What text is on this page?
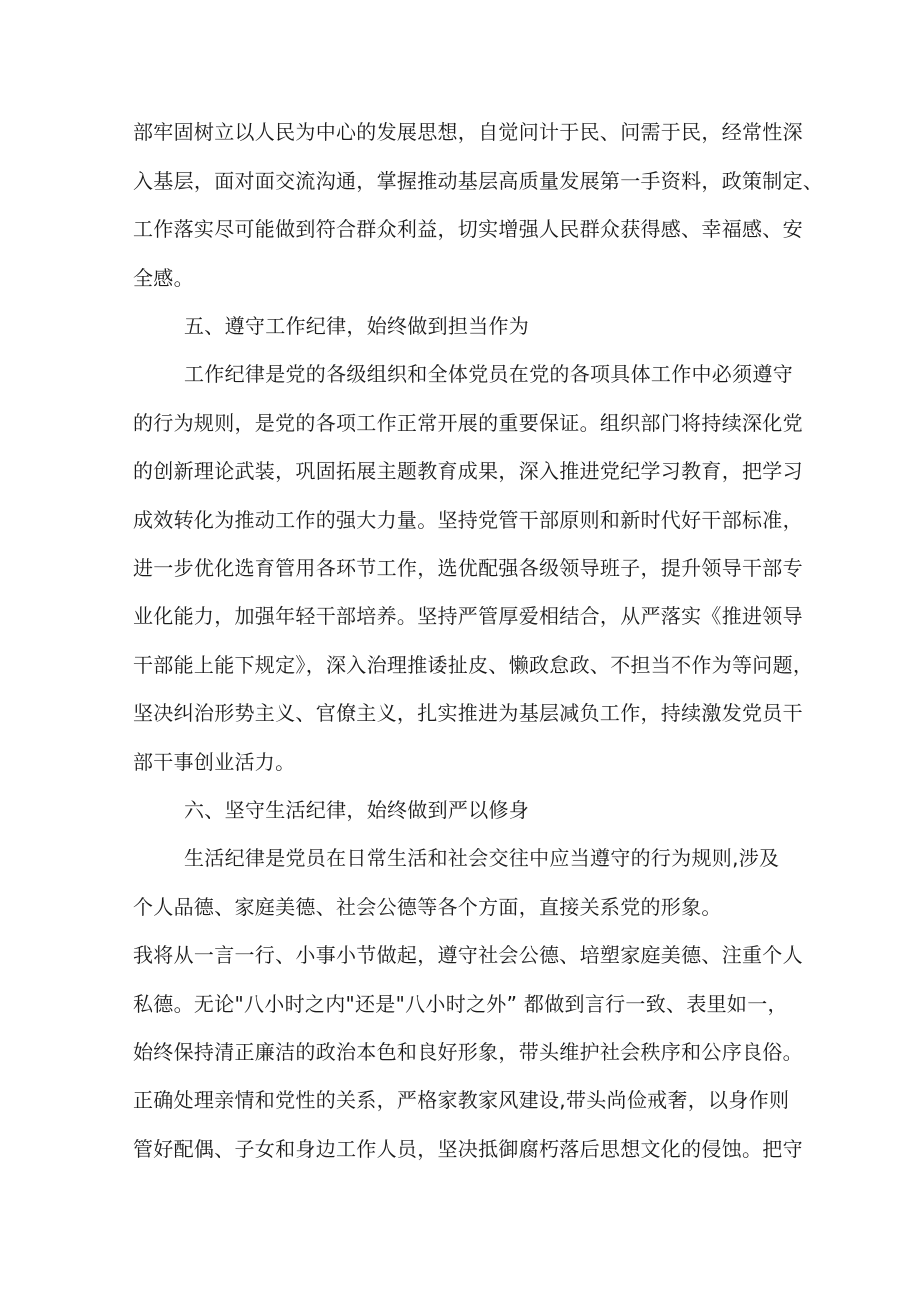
部牢固树立以人民为中心的发展思想，自觉问计于民、问需于民，经常性深
入基层，面对面交流沟通，掌握推动基层高质量发展第一手资料，政策制定、
工作落实尽可能做到符合群众利益，切实增强人民群众获得感、幸福感、安
全感。
五、遵守工作纪律，始终做到担当作为
工作纪律是党的各级组织和全体党员在党的各项具体工作中必须遵守
的行为规则，是党的各项工作正常开展的重要保证。组织部门将持续深化党
的创新理论武装，巩固拓展主题教育成果，深入推进党纪学习教育，把学习
成效转化为推动工作的强大力量。坚持党管干部原则和新时代好干部标准，
进一步优化选育管用各环节工作，选优配强各级领导班子，提升领导干部专
业化能力，加强年轻干部培养。坚持严管厚爱相结合，从严落实《推进领导
干部能上能下规定》，深入治理推诿扯皮、懒政怠政、不担当不作为等问题，
坚决纠治形势主义、官僚主义，扎实推进为基层减负工作，持续激发党员干
部干事创业活力。
六、坚守生活纪律，始终做到严以修身
生活纪律是党员在日常生活和社会交往中应当遵守的行为规则,涉及
个人品德、家庭美德、社会公德等各个方面，直接关系党的形象。
我将从一言一行、小事小节做起，遵守社会公德、培塑家庭美德、注重个人
私德。无论"八小时之内"还是"八小时之外” 都做到言行一致、表里如一，
始终保持清正廉洁的政治本色和良好形象，带头维护社会秩序和公序良俗。
正确处理亲情和党性的关系，严格家教家风建设,带头尚俭戒奢，以身作则
管好配偶、子女和身边工作人员，坚决抵御腐朽落后思想文化的侵蚀。把守
